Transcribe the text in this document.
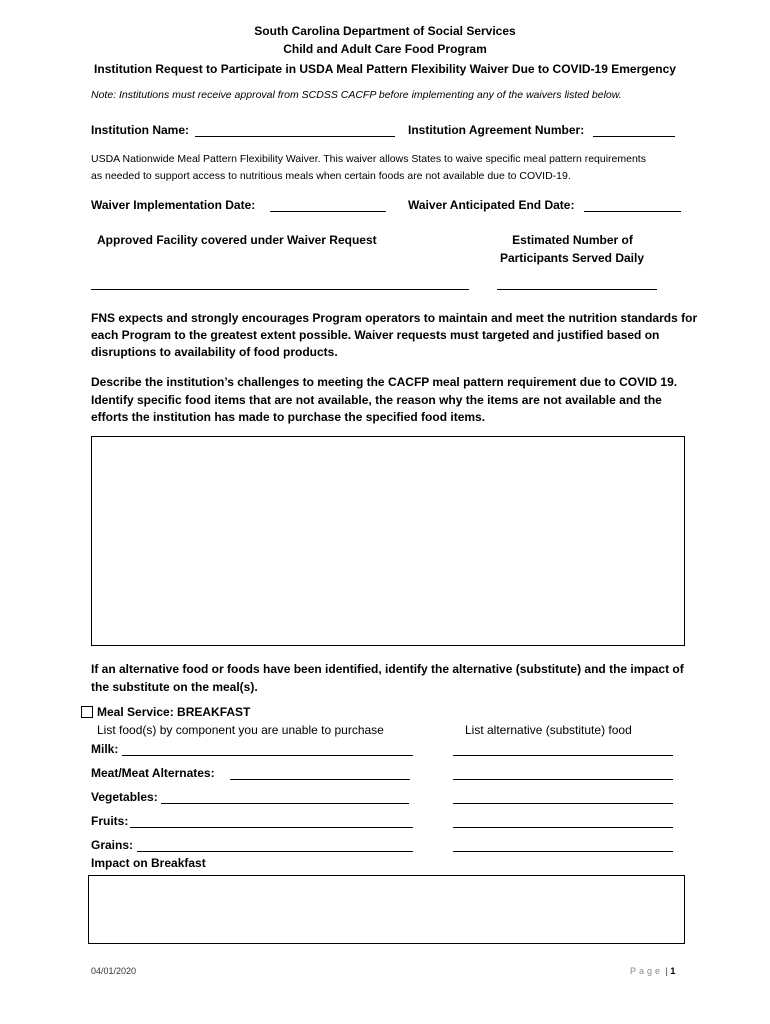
South Carolina Department of Social Services
Child and Adult Care Food Program
Institution Request to Participate in USDA Meal Pattern Flexibility Waiver Due to COVID-19 Emergency
Note: Institutions must receive approval from SCDSS CACFP before implementing any of the waivers listed below.
Institution Name:	Institution Agreement Number:
USDA Nationwide Meal Pattern Flexibility Waiver. This waiver allows States to waive specific meal pattern requirements
as needed to support access to nutritious meals when certain foods are not available due to COVID-19.
Waiver Implementation Date:	Waiver Anticipated End Date:
Approved Facility covered under Waiver Request	Estimated Number of
Participants Served Daily
FNS expects and strongly encourages Program operators to maintain and meet the nutrition standards for
each Program to the greatest extent possible. Waiver requests must targeted and justified based on
disruptions to availability of food products.
Describe the institution’s challenges to meeting the CACFP meal pattern requirement due to COVID 19.
Identify specific food items that are not available, the reason why the items are not available and the
efforts the institution has made to purchase the specified food items.
If an alternative food or foods have been identified, identify the alternative (substitute) and the impact of
the substitute on the meal(s).
Meal Service: BREAKFAST
List food(s) by component you are unable to purchase	List alternative (substitute) food
Milk:
Meat/Meat Alternates:
Vegetables:
Fruits:
Grains:
Impact on Breakfast
04/01/2020	Page | 1
